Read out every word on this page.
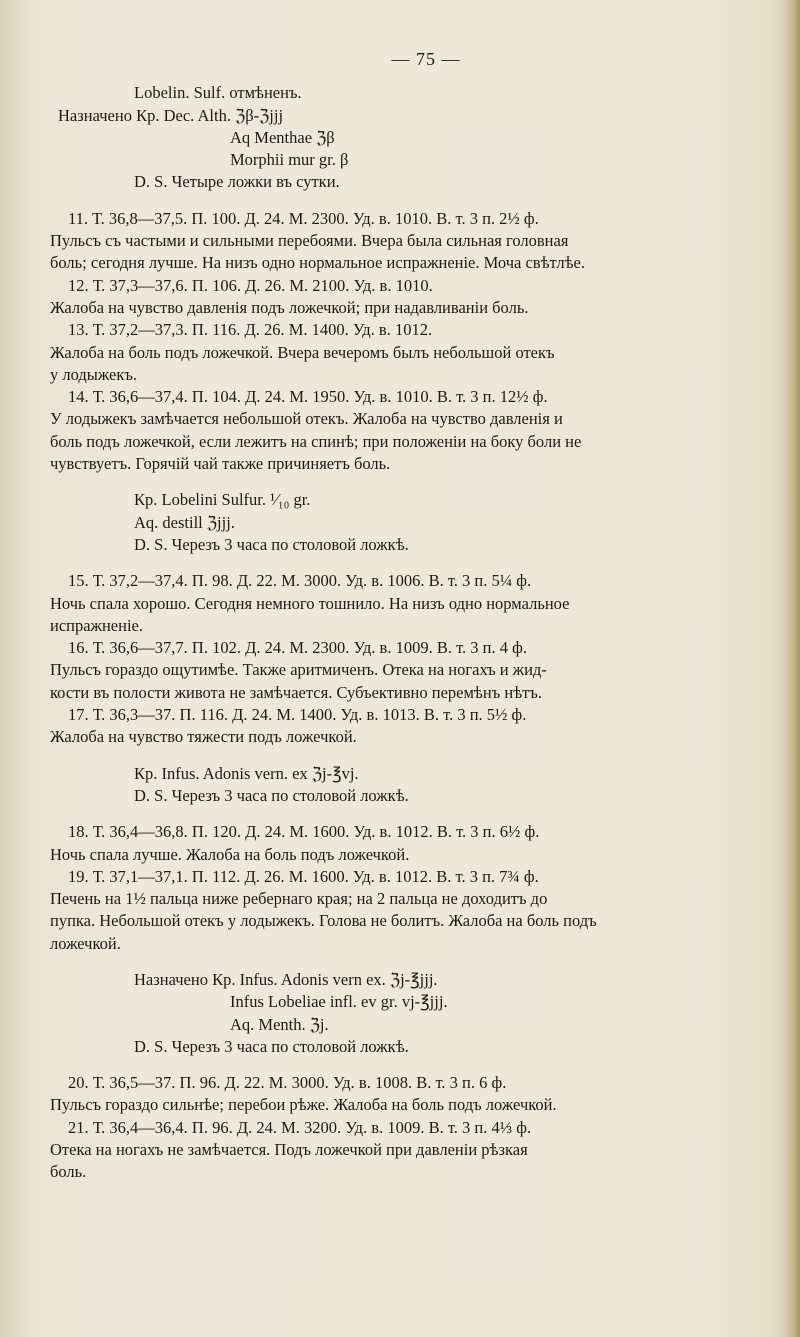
— 75 —
Lobelin. Sulf. отмѣненъ.
Назначено Кр. Dec. Alth. ℨβ-ℨjjj
Aq Menthae ℨβ
Morphii mur gr. β
D. S. Четыре ложки въ сутки.
11. Т. 36,8—37,5. П. 100. Д. 24. М. 2300. Уд. в. 1010. В. т. 3 п. 2½ ф.
Пульсъ съ частыми и сильными перебоями. Вчера была сильная головная
боль; сегодня лучше. На низъ одно нормальное испражненіе. Моча свѣтлѣе.
12. Т. 37,3—37,6. П. 106. Д. 26. М. 2100. Уд. в. 1010.
Жалоба на чувство давленія подъ ложечкой; при надавливаніи боль.
13. Т. 37,2—37,3. П. 116. Д. 26. М. 1400. Уд. в. 1012.
Жалоба на боль подъ ложечкой. Вчера вечеромъ былъ небольшой отекъ
у лодыжекъ.
14. Т. 36,6—37,4. П. 104. Д. 24. М. 1950. Уд. в. 1010. В. т. 3 п. 12½ ф.
У лодыжекъ замѣчается небольшой отекъ. Жалоба на чувство давленія и
боль подъ ложечкой, если лежитъ на спинѣ; при положеніи на боку боли не
чувствуетъ. Горячій чай также причиняетъ боль.
Кр. Lobelini Sulfur. ¹⁄₁₀ gr.
Aq. destill ℨjjj.
D. S. Черезъ 3 часа по столовой ложкѣ.
15. Т. 37,2—37,4. П. 98. Д. 22. М. 3000. Уд. в. 1006. В. т. 3 п. 5¼ ф.
Ночь спала хорошо. Сегодня немного тошнило. На низъ одно нормальное
испражненіе.
16. Т. 36,6—37,7. П. 102. Д. 24. М. 2300. Уд. в. 1009. В. т. 3 п. 4 ф.
Пульсъ гораздо ощутимѣе. Также аритмиченъ. Отека на ногахъ и жид-
кости въ полости живота не замѣчается. Субъективно перемѣнъ нѣтъ.
17. Т. 36,3—37. П. 116. Д. 24. М. 1400. Уд. в. 1013. В. т. 3 п. 5½ ф.
Жалоба на чувство тяжести подъ ложечкой.
Кр. Infus. Adonis vern. ex ℨj-℥vj.
D. S. Черезъ 3 часа по столовой ложкѣ.
18. Т. 36,4—36,8. П. 120. Д. 24. М. 1600. Уд. в. 1012. В. т. 3 п. 6½ ф.
Ночь спала лучше. Жалоба на боль подъ ложечкой.
19. Т. 37,1—37,1. П. 112. Д. 26. М. 1600. Уд. в. 1012. В. т. 3 п. 7¾ ф.
Печень на 1½ пальца ниже ребернаго края; на 2 пальца не доходитъ до
пупка. Небольшой отекъ у лодыжекъ. Голова не болитъ. Жалоба на боль подъ
ложечкой.
Назначено Кр. Infus. Adonis vern ex. ℨj-℥jjj.
Infus Lobeliae infl. ev gr. vj-℥jjj.
Aq. Menth. ℨj.
D. S. Черезъ 3 часа по столовой ложкѣ.
20. Т. 36,5—37. П. 96. Д. 22. М. 3000. Уд. в. 1008. В. т. 3 п. 6 ф.
Пульсъ гораздо сильнѣе; перебои рѣже. Жалоба на боль подъ ложечкой.
21. Т. 36,4—36,4. П. 96. Д. 24. М. 3200. Уд. в. 1009. В. т. 3 п. 4⅓ ф.
Отека на ногахъ не замѣчается. Подъ ложечкой при давленіи рѣзкая
боль.
